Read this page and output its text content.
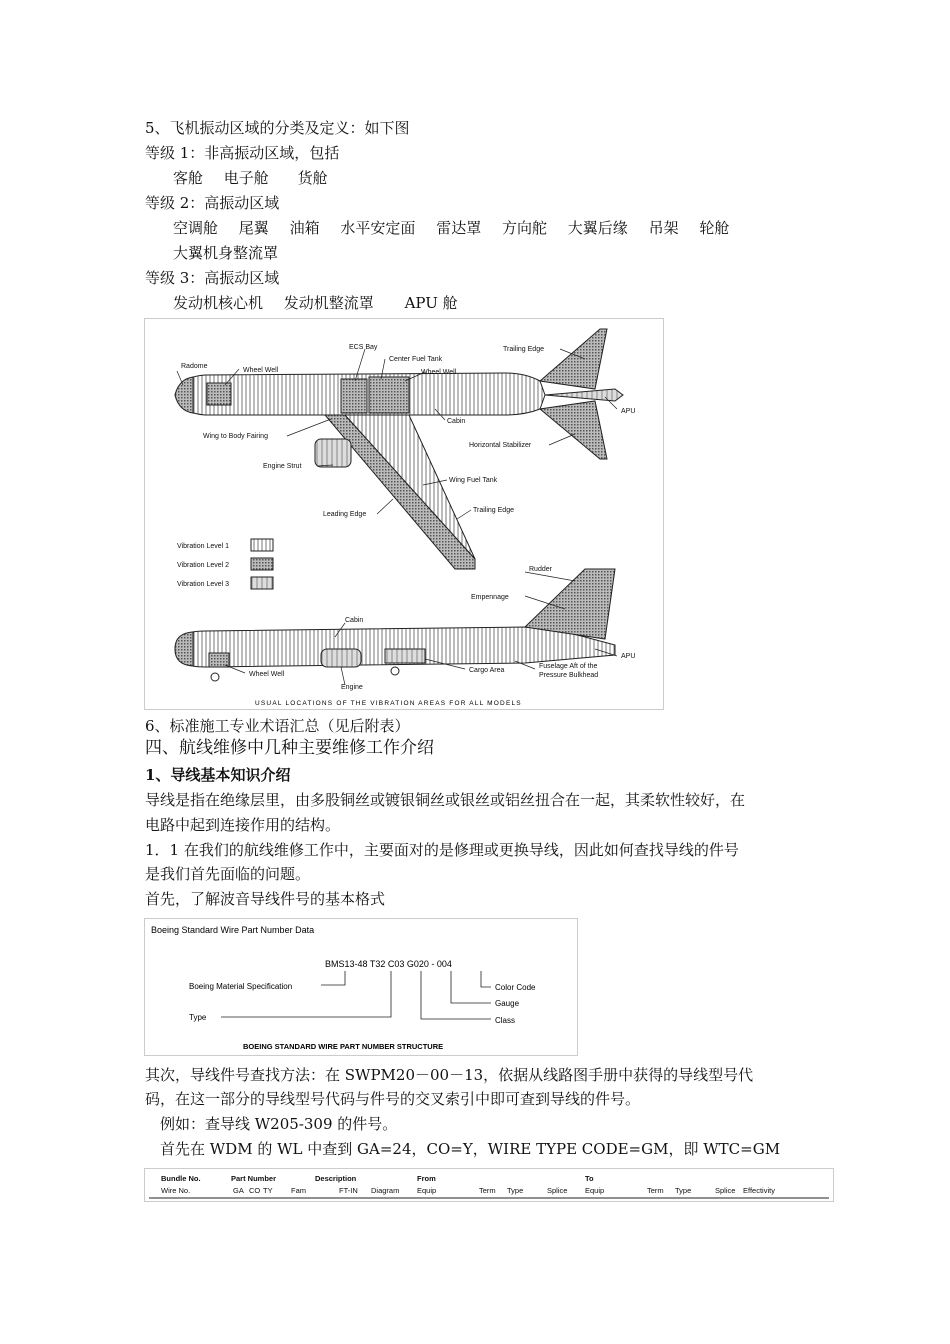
5、飞机振动区域的分类及定义：如下图
等级 1：非高振动区域，包括
客舱 电子舱 货舱
等级 2：高振动区域
空调舱 尾翼 油箱 水平安定面 雷达罩 方向舵 大翼后缘 吊架 轮舱
大翼机身整流罩
等级 3：高振动区域
发动机核心机 发动机整流罩 APU 舱
Radome
Wheel Well
ECS Bay
Center Fuel Tank
Wheel Well
Trailing Edge
APU
Cabin
Horizontal Stabilizer
Wing to Body Fairing
Engine Strut
Wing Fuel Tank
Leading Edge
Trailing Edge
Vibration Level 1
Vibration Level 2
Vibration Level 3
Rudder
Empennage
Cabin
APU
Fuselage Aft of the
Pressure Bulkhead
Wheel Well
Cargo Area
Engine
USUAL LOCATIONS OF THE VIBRATION AREAS FOR ALL MODELS
6、标准施工专业术语汇总（见后附表）
四、航线维修中几种主要维修工作介绍
1、导线基本知识介绍
导线是指在绝缘层里，由多股铜丝或镀银铜丝或银丝或铝丝扭合在一起，其柔软性较好，在
电路中起到连接作用的结构。
1．1 在我们的航线维修工作中，主要面对的是修理或更换导线，因此如何查找导线的件号
是我们首先面临的问题。
首先，了解波音导线件号的基本格式
Boeing Standard Wire Part Number Data
BMS13-48 T32 C03 G020 - 004
Boeing Material Specification
Type
Color Code
Gauge
Class
BOEING STANDARD WIRE PART NUMBER STRUCTURE
其次，导线件号查找方法：在 SWPM20－00－13，依据从线路图手册中获得的导线型号代
码，在这一部分的导线型号代码与件号的交叉索引中即可查到导线的件号。
例如：查导线 W205-309 的件号。
首先在 WDM 的 WL 中查到 GA=24，CO=Y，WIRE TYPE CODE=GM，即 WTC=GM
Bundle No.	Part Number	Description	From	To
Wire No.	GA CO TY Fam	FT-IN Diagram Equip	Term Type	Splice Equip	Term Type	Splice Effectivity
